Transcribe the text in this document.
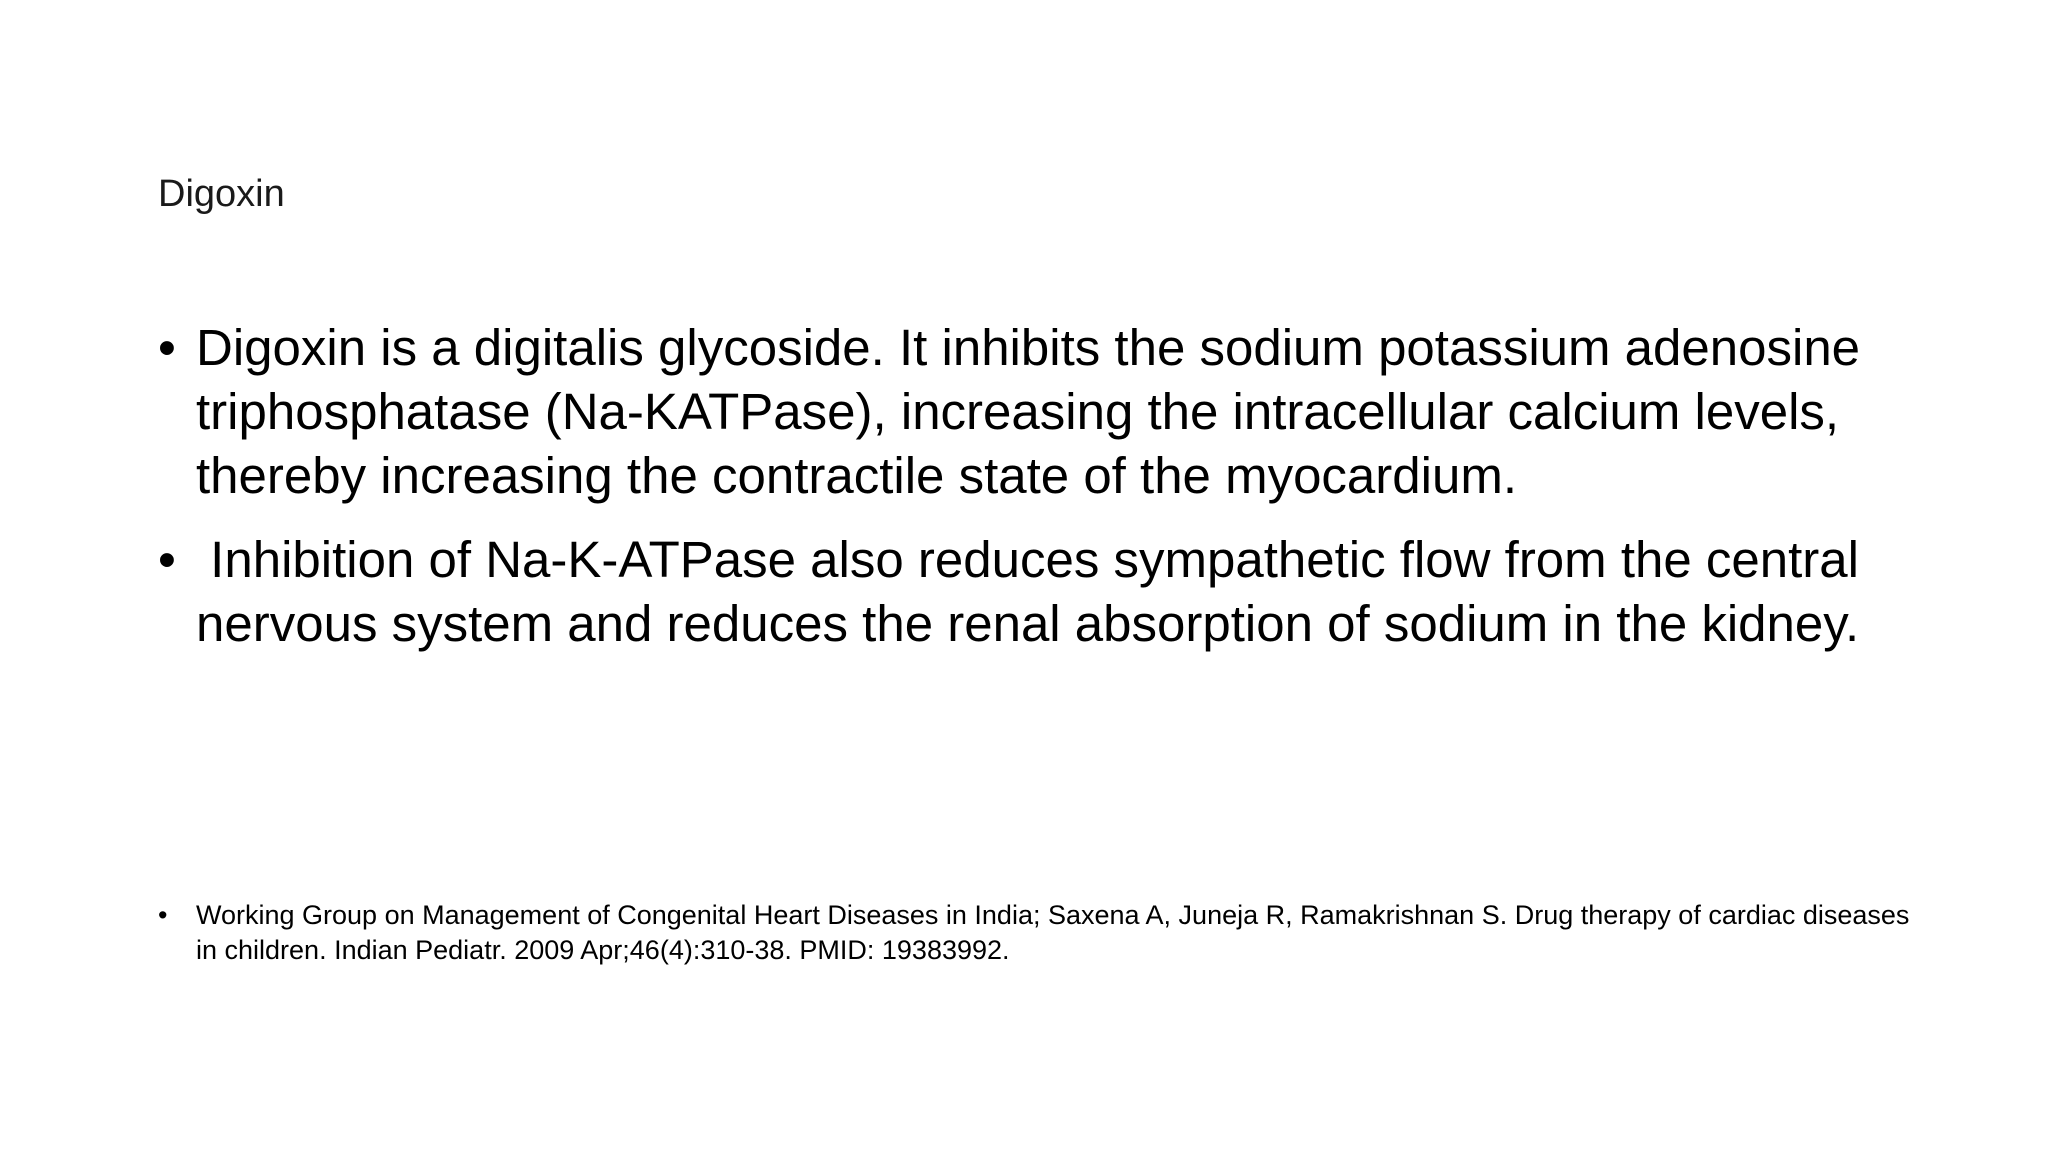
Digoxin
• Digoxin is a digitalis glycoside. It inhibits the sodium potassium adenosine triphosphatase (Na-KATPase), increasing the intracellular calcium levels, thereby increasing the contractile state of the myocardium.
• Inhibition of Na-K-ATPase also reduces sympathetic flow from the central nervous system and reduces the renal absorption of sodium in the kidney.
• Working Group on Management of Congenital Heart Diseases in India; Saxena A, Juneja R, Ramakrishnan S. Drug therapy of cardiac diseases in children. Indian Pediatr. 2009 Apr;46(4):310-38. PMID: 19383992.
